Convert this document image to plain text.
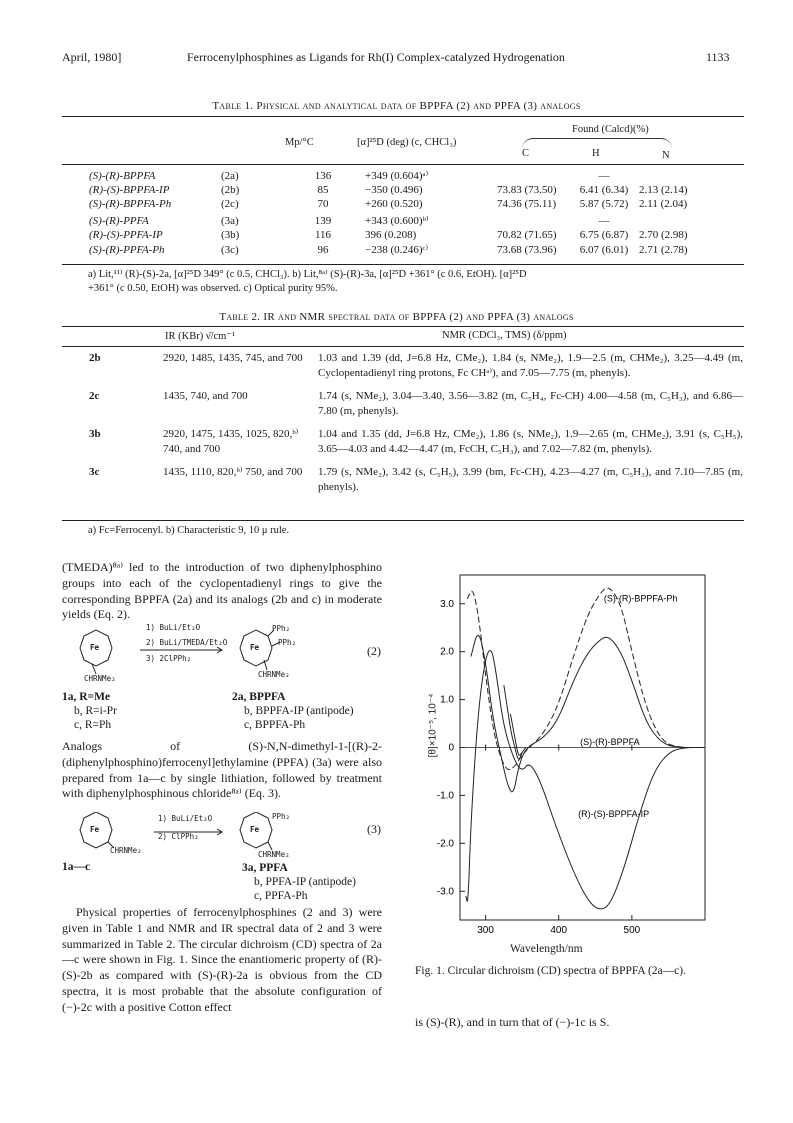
April, 1980]	Ferrocenylphosphines as Ligands for Rh(I) Complex-catalyzed Hydrogenation	1133
Table 1. Physical and analytical data of BPPFA (2) and PPFA (3) analogs
Mp/°C	[α]²⁵D (deg) (c, CHCl₃)
Found (Calcd)(%)
C	H	N
(S)-(R)-BPPFA	(2a)	136	+349 (0.604)ᵃ⁾		—	
(R)-(S)-BPPFA-IP	(2b)	85	−350 (0.496)	73.83 (73.50)	6.41 (6.34)	2.13 (2.14)
(S)-(R)-BPPFA-Ph	(2c)	70	+260 (0.520)	74.36 (75.11)	5.87 (5.72)	2.11 (2.04)
(S)-(R)-PPFA	(3a)	139	+343 (0.600)ᵇ⁾		—	
(R)-(S)-PPFA-IP	(3b)	116	396 (0.208)	70.82 (71.65)	6.75 (6.87)	2.70 (2.98)
(S)-(R)-PPFA-Ph	(3c)	96	−238 (0.246)ᶜ⁾	73.68 (73.96)	6.07 (6.01)	2.71 (2.78)
a) Lit,¹¹⁾ (R)-(S)-2a, [α]²⁵D 349° (c 0.5, CHCl₃). b) Lit,⁸ᵃ⁾ (S)-(R)-3a, [α]²⁵D +361° (c 0.6, EtOH). [α]²⁵D
+361° (c 0.50, EtOH) was observed. c) Optical purity 95%.
Table 2. IR and NMR spectral data of BPPFA (2) and PPFA (3) analogs
IR (KBr) ν̄/cm⁻¹	NMR (CDCl₃, TMS) (δ/ppm)
2b	2920, 1485, 1435, 745, and 700	1.03 and 1.39 (dd, J=6.8 Hz, CMe₂), 1.84 (s, NMe₂), 1.9—2.5 (m, CHMe₂), 3.25—4.49 (m, Cyclopentadienyl ring protons, Fc CHᵃ⁾), and 7.05—7.75 (m, phenyls).
2c	1435, 740, and 700	1.74 (s, NMe₂), 3.04—3.40, 3.56—3.82 (m, C₅H₄, Fc-CH) 4.00—4.58 (m, C₅H₃), and 6.86—7.80 (m, phenyls).
3b	2920, 1475, 1435, 1025, 820,ᵇ⁾ 740, and 700	1.04 and 1.35 (dd, J=6.8 Hz, CMe₂), 1.86 (s, NMe₂), 1.9—2.65 (m, CHMe₂), 3.91 (s, C₅H₅), 3.65—4.03 and 4.42—4.47 (m, FcCH, C₅H₃), and 7.02—7.82 (m, phenyls).
3c	1435, 1110, 820,ᵇ⁾ 750, and 700	1.79 (s, NMe₂), 3.42 (s, C₅H₅), 3.99 (bm, Fc-CH), 4.23—4.27 (m, C₅H₃), and 7.10—7.85 (m, phenyls).
a) Fc=Ferrocenyl. b) Characteristic 9, 10 μ rule.
(TMEDA)⁸ᵃ⁾ led to the introduction of two diphenylphosphino groups into each of the cyclopentadienyl rings to give the corresponding BPPFA (2a) and its analogs (2b and c) in moderate yields (Eq. 2).
Fe	Fe
1) BuLi/Et₂O
2) BuLi/TMEDA/Et₂O
3) 2ClPPh₂
PPh₂
PPh₂
CHRNMe₂	CHRNMe₂
(2)
1a, R=Me
b, R=i-Pr
c, R=Ph
2a, BPPFA
b, BPPFA-IP (antipode)
c, BPPFA-Ph
Analogs of (S)-N,N-dimethyl-1-[(R)-2-(diphenylphosphino)ferrocenyl]ethylamine (PPFA) (3a) were also prepared from 1a—c by single lithiation, followed by treatment with diphenylphosphinous chloride⁸ᵃ⁾ (Eq. 3).
Fe	Fe
1) BuLi/Et₂O
2) ClPPh₂
PPh₂
CHRNMe₂	CHRNMe₂
(3)
1a—c	3a, PPFA
b, PPFA-IP (antipode)
c, PPFA-Ph
Physical properties of ferrocenylphosphines (2 and 3) were given in Table 1 and NMR and IR spectral data of 2 and 3 were summarized in Table 2. The circular dichroism (CD) spectra of 2a—c were shown in Fig. 1. Since the enantiomeric property of (R)-(S)-2b as compared with (S)-(R)-2a is obvious from the CD spectra, it is most probable that the absolute configuration of (−)-2c with a positive Cotton effect
is (S)-(R), and in turn that of (−)-1c is S.
3.0
2.0
1.0
0
-1.0
-2.0
-3.0
300	400	500
(S)-(R)-BPPFA-Ph
(S)-(R)-BPPFA
(R)-(S)-BPPFA-IP
[θ]×10⁻⁵, 10⁻⁴
Wavelength/nm
Fig. 1. Circular dichroism (CD) spectra of BPPFA (2a—c).
